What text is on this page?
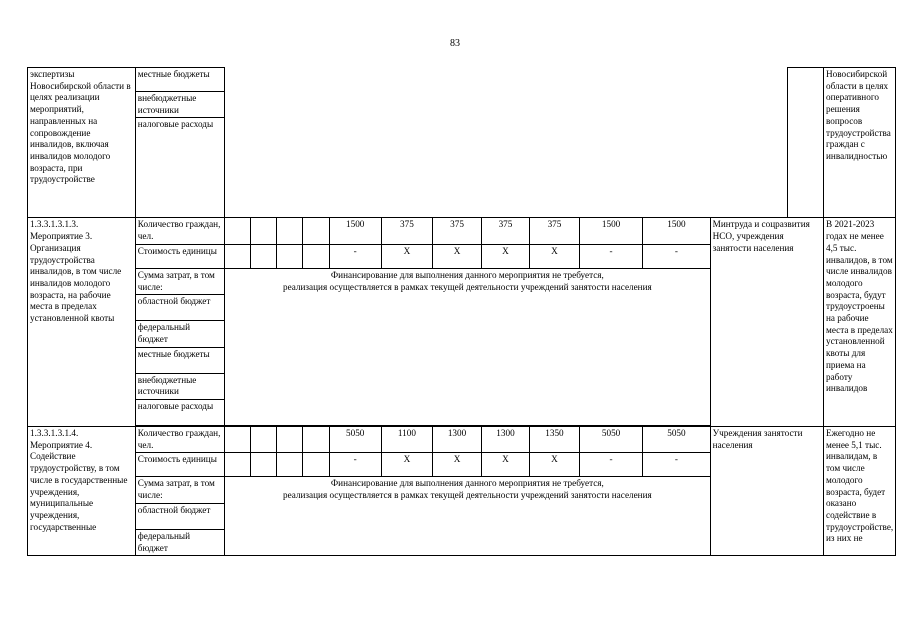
83
экспертизы Новосибирской области в целях реализации мероприятий, направленных на сопровождение инвалидов, включая инвалидов молодого возраста, при трудоустройстве	местные бюджеты														Новосибирской области в целях оперативного решения вопросов трудоустройства граждан с инвалидностью

	внебюджетные источники														
	налоговые расходы														

1.3.3.1.3.1.3. Мероприятие 3. Организация трудоустройства инвалидов, в том числе инвалидов молодого возраста, на рабочие места в пределах установленной квоты	Количество граждан, чел.					1500	375	375	375	375	1500	1500	Минтруда и соцразвития НСО, учреждения занятости населения		В 2021-2023 годах не менее 4,5 тыс. инвалидов, в том числе инвалидов молодого возраста, будут трудоустроены на рабочие места в пределах установленной квоты для приема на работу инвалидов

	Стоимость единицы					-	X	X	X	X	-	-			
	Сумма затрат, в том числе:	Финансирование для выполнения данного мероприятия не требуется,
реализация осуществляется в рамках текущей деятельности учреждений занятости населения													

	областной бюджет														
	федеральный бюджет														
	местные бюджеты														
	внебюджетные источники														
	налоговые расходы														

1.3.3.1.3.1.4. Мероприятие 4. Содействие трудоустройству, в том числе в государственные учреждения, муниципальные учреждения, государственные	Количество граждан, чел.					5050	1100	1300	1300	1350	5050	5050	Учреждения занятости населения		Ежегодно не менее 5,1 тыс. инвалидам, в том числе молодого возраста, будет оказано содействие в трудоустройстве, из них не

	Стоимость единицы					-	X	X	X	X	-	-			
	Сумма затрат, в том числе:	Финансирование для выполнения данного мероприятия не требуется,
реализация осуществляется в рамках текущей деятельности учреждений занятости населения													

	областной бюджет														
	федеральный бюджет														
